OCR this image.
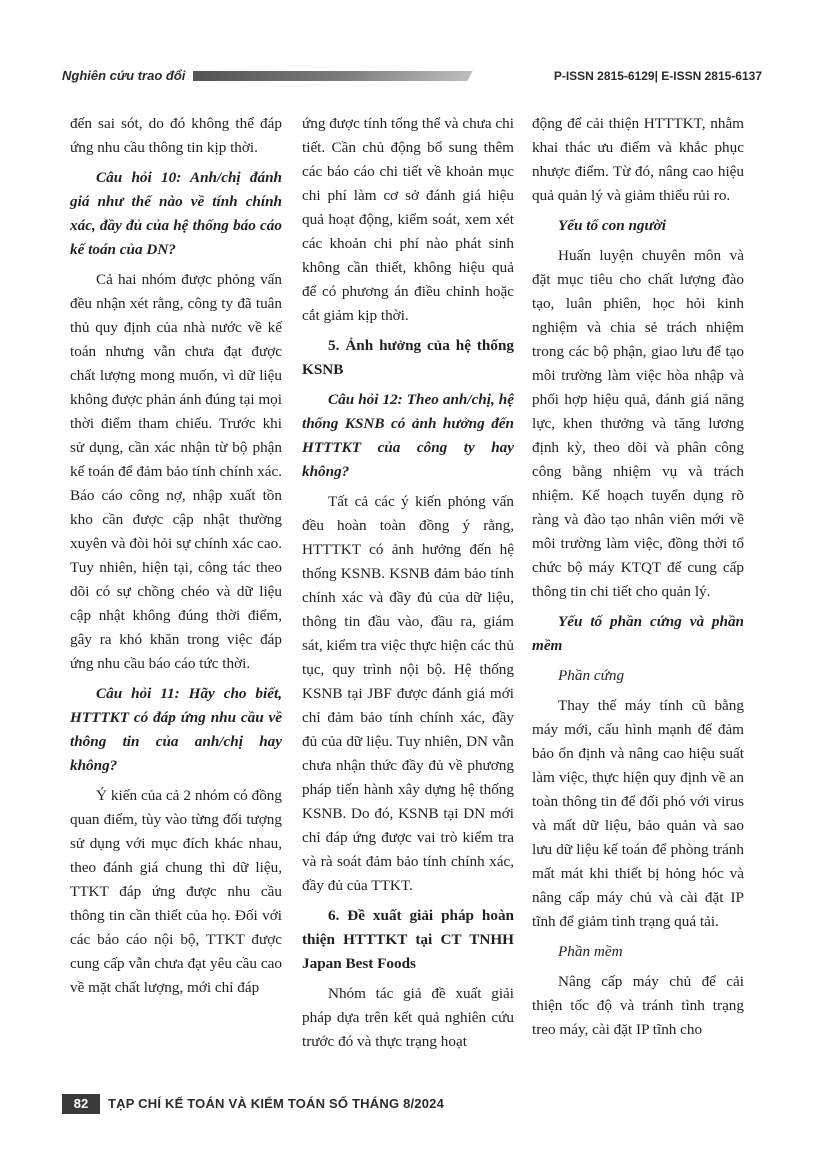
Nghiên cứu trao đổi	P-ISSN 2815-6129| E-ISSN 2815-6137

đến sai sót, do đó không thể đáp ứng nhu cầu thông tin kịp thời.

Câu hỏi 10: Anh/chị đánh giá như thế nào về tính chính xác, đầy đủ của hệ thống báo cáo kế toán của DN?

Cả hai nhóm được phỏng vấn đều nhận xét rằng, công ty đã tuân thủ quy định của nhà nước về kế toán nhưng vẫn chưa đạt được chất lượng mong muốn, vì dữ liệu không được phản ánh đúng tại mọi thời điểm tham chiếu. Trước khi sử dụng, cần xác nhận từ bộ phận kế toán để đảm bảo tính chính xác. Báo cáo công nợ, nhập xuất tồn kho cần được cập nhật thường xuyên và đòi hỏi sự chính xác cao. Tuy nhiên, hiện tại, công tác theo dõi có sự chồng chéo và dữ liệu cập nhật không đúng thời điểm, gây ra khó khăn trong việc đáp ứng nhu cầu báo cáo tức thời.

Câu hỏi 11: Hãy cho biết, HTTTKT có đáp ứng nhu cầu về thông tin của anh/chị hay không?

Ý kiến của cả 2 nhóm có đồng quan điểm, tùy vào từng đối tượng sử dụng với mục đích khác nhau, theo đánh giá chung thì dữ liệu, TTKT đáp ứng được nhu cầu thông tin cần thiết của họ. Đối với các báo cáo nội bộ, TTKT được cung cấp vẫn chưa đạt yêu cầu cao về mặt chất lượng, mới chỉ đáp

ứng được tính tổng thể và chưa chi tiết. Cần chủ động bổ sung thêm các báo cáo chi tiết về khoản mục chi phí làm cơ sở đánh giá hiệu quả hoạt động, kiểm soát, xem xét các khoản chi phí nào phát sinh không cần thiết, không hiệu quả để có phương án điều chỉnh hoặc cắt giảm kịp thời.

5. Ảnh hưởng của hệ thống KSNB

Câu hỏi 12: Theo anh/chị, hệ thống KSNB có ảnh hưởng đến HTTTKT của công ty hay không?

Tất cả các ý kiến phỏng vấn đều hoàn toàn đồng ý rằng, HTTTKT có ảnh hưởng đến hệ thống KSNB. KSNB đảm bảo tính chính xác và đầy đủ của dữ liệu, thông tin đầu vào, đầu ra, giám sát, kiểm tra việc thực hiện các thủ tục, quy trình nội bộ. Hệ thống KSNB tại JBF được đánh giá mới chỉ đảm bảo tính chính xác, đầy đủ của dữ liệu. Tuy nhiên, DN vẫn chưa nhận thức đầy đủ về phương pháp tiến hành xây dựng hệ thống KSNB. Do đó, KSNB tại DN mới chỉ đáp ứng được vai trò kiểm tra và rà soát đảm bảo tính chính xác, đầy đủ của TTKT.

6. Đề xuất giải pháp hoàn thiện HTTTKT tại CT TNHH Japan Best Foods

Nhóm tác giả đề xuất giải pháp dựa trên kết quả nghiên cứu trước đó và thực trạng hoạt

động để cải thiện HTTTKT, nhằm khai thác ưu điểm và khắc phục nhược điểm. Từ đó, nâng cao hiệu quả quản lý và giảm thiểu rủi ro.

Yếu tố con người

Huấn luyện chuyên môn và đặt mục tiêu cho chất lượng đào tạo, luân phiên, học hỏi kinh nghiệm và chia sẻ trách nhiệm trong các bộ phận, giao lưu để tạo môi trường làm việc hòa nhập và phối hợp hiệu quả, đánh giá năng lực, khen thưởng và tăng lương định kỳ, theo dõi và phân công công bằng nhiệm vụ và trách nhiệm. Kế hoạch tuyển dụng rõ ràng và đào tạo nhân viên mới về môi trường làm việc, đồng thời tổ chức bộ máy KTQT để cung cấp thông tin chi tiết cho quản lý.

Yếu tố phần cứng và phần mềm

Phần cứng

Thay thế máy tính cũ bằng máy mới, cấu hình mạnh để đảm bảo ổn định và nâng cao hiệu suất làm việc, thực hiện quy định về an toàn thông tin để đối phó với virus và mất dữ liệu, bảo quản và sao lưu dữ liệu kế toán để phòng tránh mất mát khi thiết bị hỏng hóc và nâng cấp máy chủ và cài đặt IP tĩnh để giảm tình trạng quá tải.

Phần mềm

Nâng cấp máy chủ để cải thiện tốc độ và tránh tình trạng treo máy, cài đặt IP tĩnh cho

82	TẠP CHÍ KẾ TOÁN VÀ KIỂM TOÁN SỐ THÁNG 8/2024
